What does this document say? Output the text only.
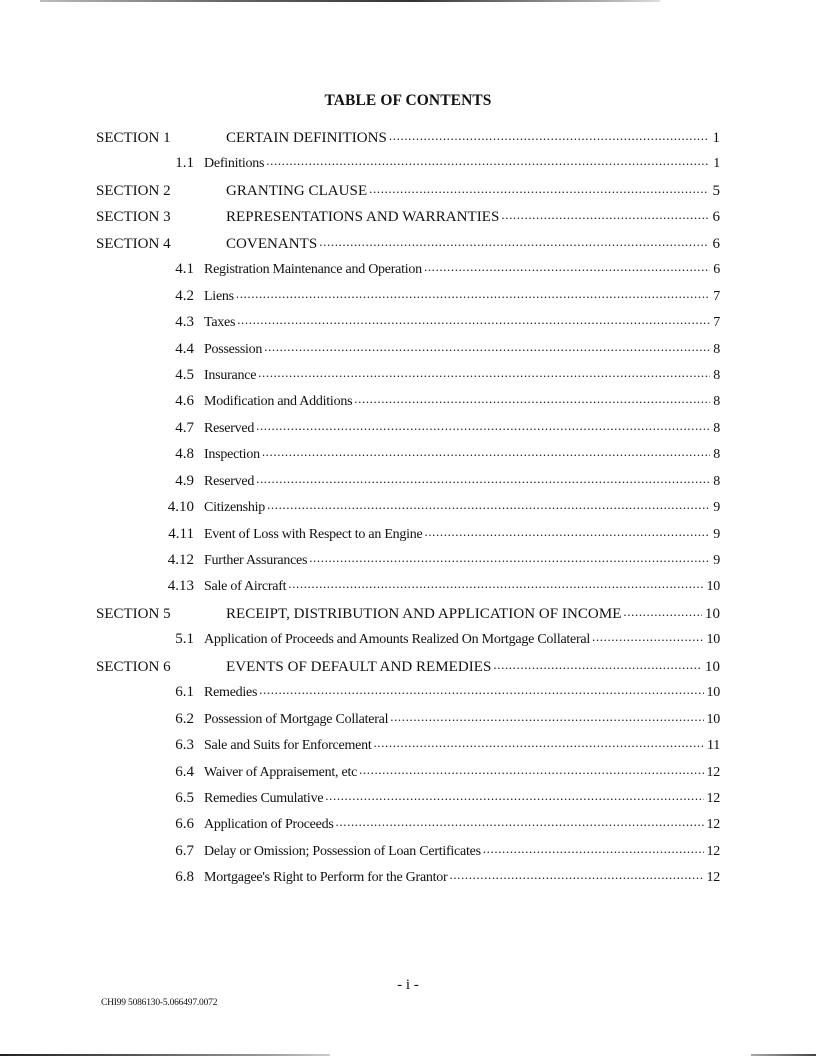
TABLE OF CONTENTS
SECTION 1	CERTAIN DEFINITIONS .....	1
1.1 Definitions .....	1
SECTION 2	GRANTING CLAUSE .....	5
SECTION 3	REPRESENTATIONS AND WARRANTIES .....	6
SECTION 4	COVENANTS .....	6
4.1 Registration Maintenance and Operation .....	6
4.2 Liens .....	7
4.3 Taxes .....	7
4.4 Possession .....	8
4.5 Insurance .....	8
4.6 Modification and Additions .....	8
4.7 Reserved .....	8
4.8 Inspection .....	8
4.9 Reserved .....	8
4.10 Citizenship .....	9
4.11 Event of Loss with Respect to an Engine .....	9
4.12 Further Assurances .....	9
4.13 Sale of Aircraft .....	10
SECTION 5	RECEIPT, DISTRIBUTION AND APPLICATION OF INCOME .....	10
5.1 Application of Proceeds and Amounts Realized On Mortgage Collateral .....	10
SECTION 6	EVENTS OF DEFAULT AND REMEDIES .....	10
6.1 Remedies .....	10
6.2 Possession of Mortgage Collateral .....	10
6.3 Sale and Suits for Enforcement .....	11
6.4 Waiver of Appraisement, etc .....	12
6.5 Remedies Cumulative .....	12
6.6 Application of Proceeds .....	12
6.7 Delay or Omission; Possession of Loan Certificates .....	12
6.8 Mortgagee's Right to Perform for the Grantor .....	12
- i -
CHI99 5086130-5.066497.0072
